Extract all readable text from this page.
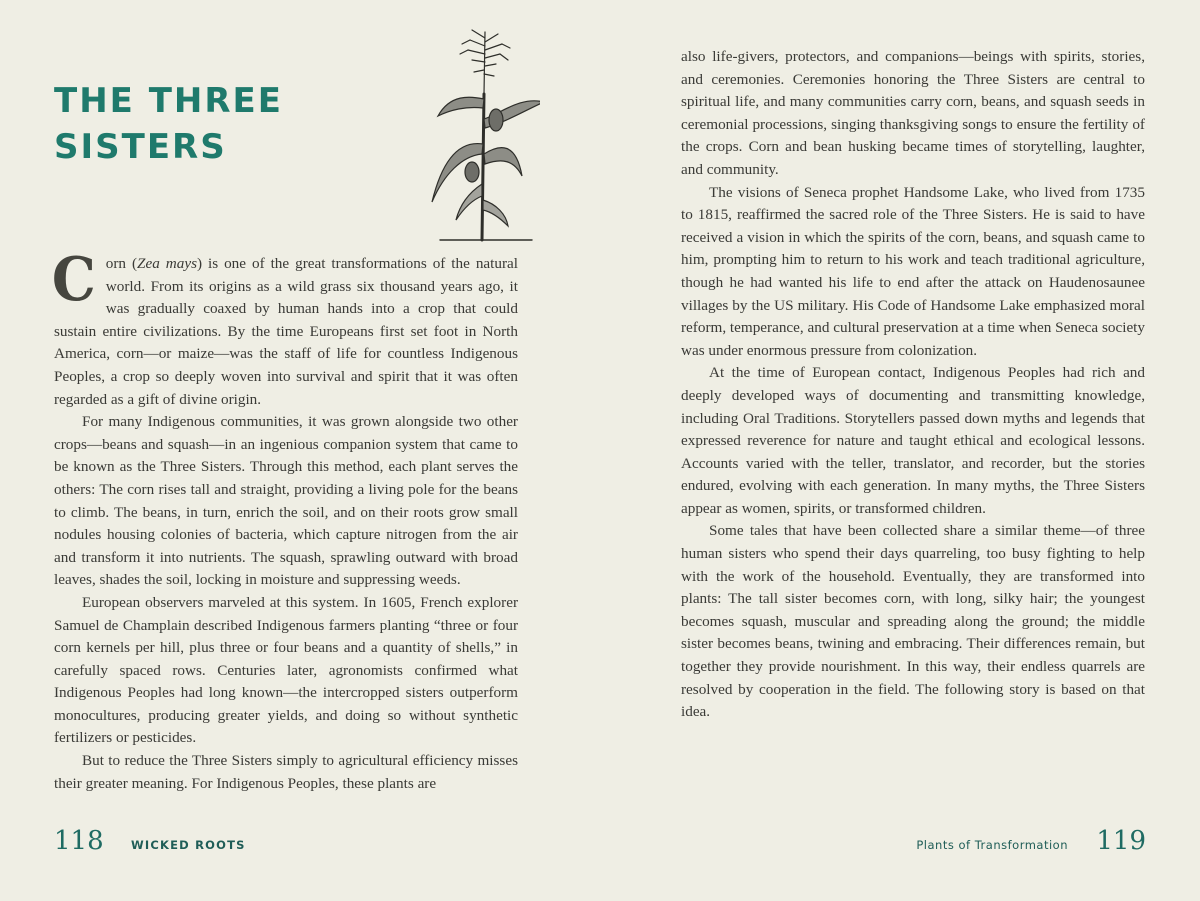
THE THREE SISTERS

Corn (Zea mays) is one of the great transformations of the natural world. From its origins as a wild grass six thousand years ago, it was gradually coaxed by human hands into a crop that could sustain entire civilizations. By the time Europeans first set foot in North America, corn—or maize—was the staff of life for countless Indigenous Peoples, a crop so deeply woven into survival and spirit that it was often regarded as a gift of divine origin.

For many Indigenous communities, it was grown alongside two other crops—beans and squash—in an ingenious companion system that came to be known as the Three Sisters. Through this method, each plant serves the others: The corn rises tall and straight, providing a living pole for the beans to climb. The beans, in turn, enrich the soil, and on their roots grow small nodules housing colonies of bacteria, which capture nitrogen from the air and transform it into nutrients. The squash, sprawling outward with broad leaves, shades the soil, locking in moisture and suppressing weeds.

European observers marveled at this system. In 1605, French explorer Samuel de Champlain described Indigenous farmers planting “three or four corn kernels per hill, plus three or four beans and a quantity of shells,” in carefully spaced rows. Centuries later, agronomists confirmed what Indigenous Peoples had long known—the intercropped sisters outperform monocultures, producing greater yields, and doing so without synthetic fertilizers or pesticides.

But to reduce the Three Sisters simply to agricultural efficiency misses their greater meaning. For Indigenous Peoples, these plants are

118 WICKED ROOTS

also life-givers, protectors, and companions—beings with spirits, stories, and ceremonies. Ceremonies honoring the Three Sisters are central to spiritual life, and many communities carry corn, beans, and squash seeds in ceremonial processions, singing thanksgiving songs to ensure the fertility of the crops. Corn and bean husking became times of storytelling, laughter, and community.

The visions of Seneca prophet Handsome Lake, who lived from 1735 to 1815, reaffirmed the sacred role of the Three Sisters. He is said to have received a vision in which the spirits of the corn, beans, and squash came to him, prompting him to return to his work and teach traditional agriculture, though he had wanted his life to end after the attack on Haudenosaunee villages by the US military. His Code of Handsome Lake emphasized moral reform, temperance, and cultural preservation at a time when Seneca society was under enormous pressure from colonization.

At the time of European contact, Indigenous Peoples had rich and deeply developed ways of documenting and transmitting knowledge, including Oral Traditions. Storytellers passed down myths and legends that expressed reverence for nature and taught ethical and ecological lessons. Accounts varied with the teller, translator, and recorder, but the stories endured, evolving with each generation. In many myths, the Three Sisters appear as women, spirits, or transformed children.

Some tales that have been collected share a similar theme—of three human sisters who spend their days quarreling, too busy fighting to help with the work of the household. Eventually, they are transformed into plants: The tall sister becomes corn, with long, silky hair; the youngest becomes squash, muscular and spreading along the ground; the middle sister becomes beans, twining and embracing. Their differences remain, but together they provide nourishment. In this way, their endless quarrels are resolved by cooperation in the field. The following story is based on that idea.

Plants of Transformation 119
